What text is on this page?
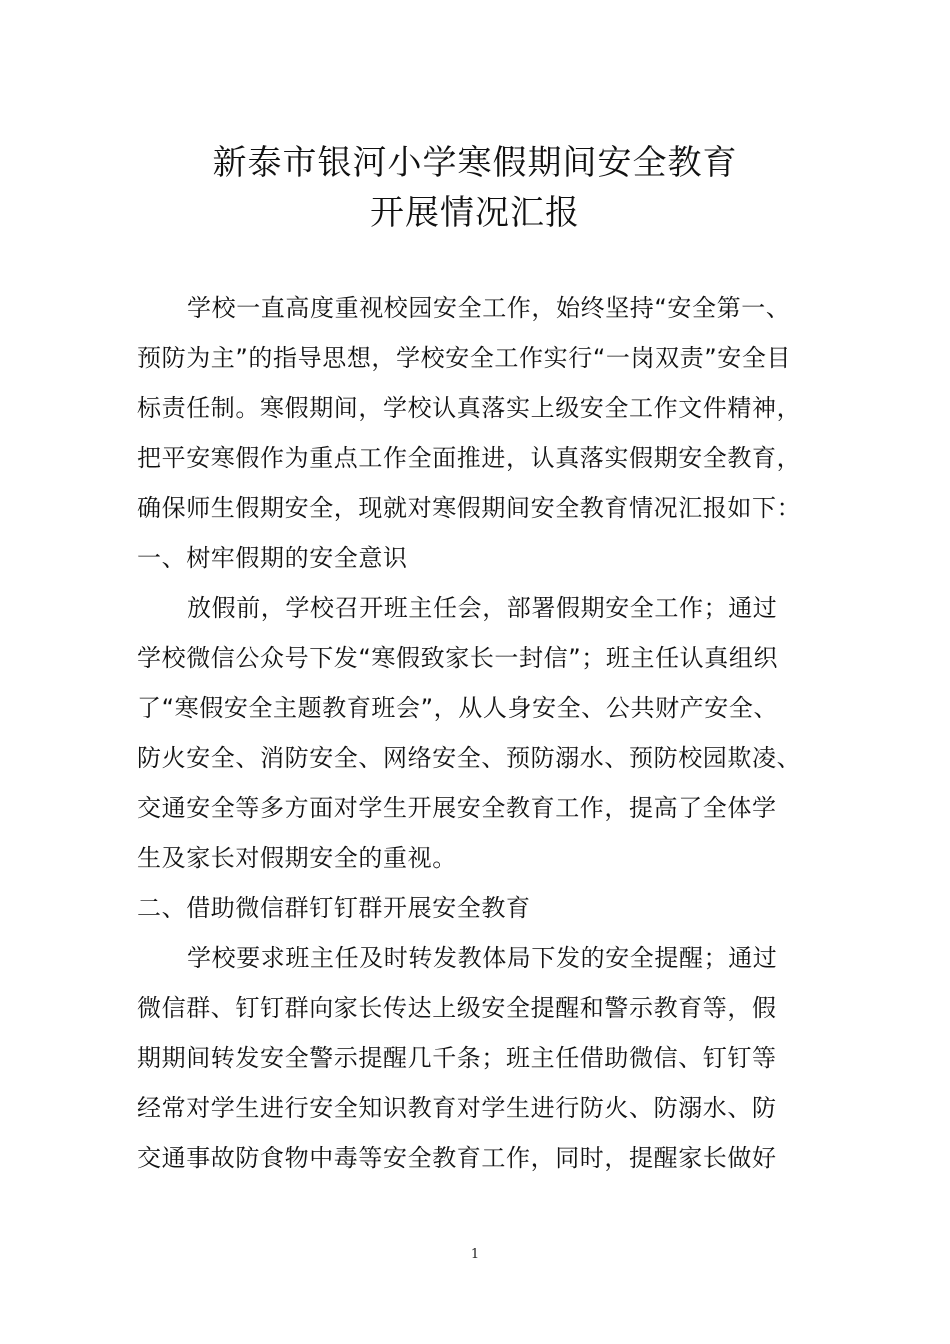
新泰市银河小学寒假期间安全教育
开展情况汇报
学校一直高度重视校园安全工作，始终坚持“安全第一、
预防为主”的指导思想，学校安全工作实行“一岗双责”安全目
标责任制。寒假期间，学校认真落实上级安全工作文件精神，
把平安寒假作为重点工作全面推进，认真落实假期安全教育，
确保师生假期安全，现就对寒假期间安全教育情况汇报如下：
一、树牢假期的安全意识
放假前，学校召开班主任会，部署假期安全工作；通过
学校微信公众号下发“寒假致家长一封信”；班主任认真组织
了“寒假安全主题教育班会”，从人身安全、公共财产安全、
防火安全、消防安全、网络安全、预防溺水、预防校园欺凌、
交通安全等多方面对学生开展安全教育工作，提高了全体学
生及家长对假期安全的重视。
二、借助微信群钉钉群开展安全教育
学校要求班主任及时转发教体局下发的安全提醒；通过
微信群、钉钉群向家长传达上级安全提醒和警示教育等，假
期期间转发安全警示提醒几千条；班主任借助微信、钉钉等
经常对学生进行安全知识教育对学生进行防火、防溺水、防
交通事故防食物中毒等安全教育工作，同时，提醒家长做好
1
